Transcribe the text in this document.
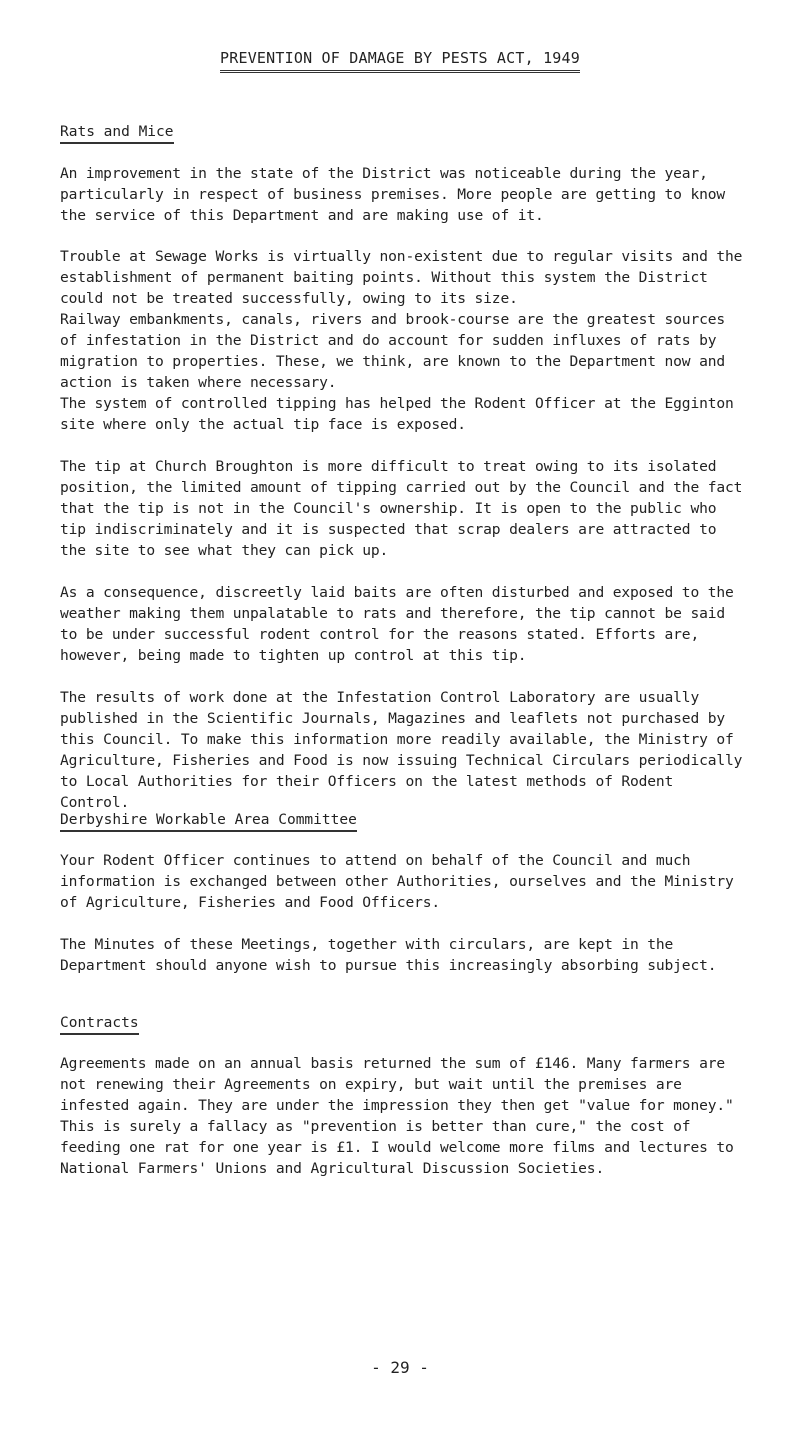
PREVENTION OF DAMAGE BY PESTS ACT, 1949
Rats and Mice

An improvement in the state of the District was noticeable during the year, particularly in respect of business premises. More people are getting to know the service of this Department and are making use of it.

Trouble at Sewage Works is virtually non-existent due to regular visits and the establishment of permanent baiting points. Without this system the District could not be treated successfully, owing to its size.

Railway embankments, canals, rivers and brook-course are the greatest sources of infestation in the District and do account for sudden influxes of rats by migration to properties. These, we think, are known to the Department now and action is taken where necessary.

The system of controlled tipping has helped the Rodent Officer at the Egginton site where only the actual tip face is exposed.

The tip at Church Broughton is more difficult to treat owing to its isolated position, the limited amount of tipping carried out by the Council and the fact that the tip is not in the Council's ownership. It is open to the public who tip indiscriminately and it is suspected that scrap dealers are attracted to the site to see what they can pick up.

As a consequence, discreetly laid baits are often disturbed and exposed to the weather making them unpalatable to rats and therefore, the tip cannot be said to be under successful rodent control for the reasons stated. Efforts are, however, being made to tighten up control at this tip.

The results of work done at the Infestation Control Laboratory are usually published in the Scientific Journals, Magazines and leaflets not purchased by this Council. To make this information more readily available, the Ministry of Agriculture, Fisheries and Food is now issuing Technical Circulars periodically to Local Authorities for their Officers on the latest methods of Rodent Control.

Derbyshire Workable Area Committee

Your Rodent Officer continues to attend on behalf of the Council and much information is exchanged between other Authorities, ourselves and the Ministry of Agriculture, Fisheries and Food Officers.

The Minutes of these Meetings, together with circulars, are kept in the Department should anyone wish to pursue this increasingly absorbing subject.

Contracts

Agreements made on an annual basis returned the sum of £146. Many farmers are not renewing their Agreements on expiry, but wait until the premises are infested again. They are under the impression they then get "value for money." This is surely a fallacy as "prevention is better than cure," the cost of feeding one rat for one year is £1. I would welcome more films and lectures to National Farmers' Unions and Agricultural Discussion Societies.

- 29 -
